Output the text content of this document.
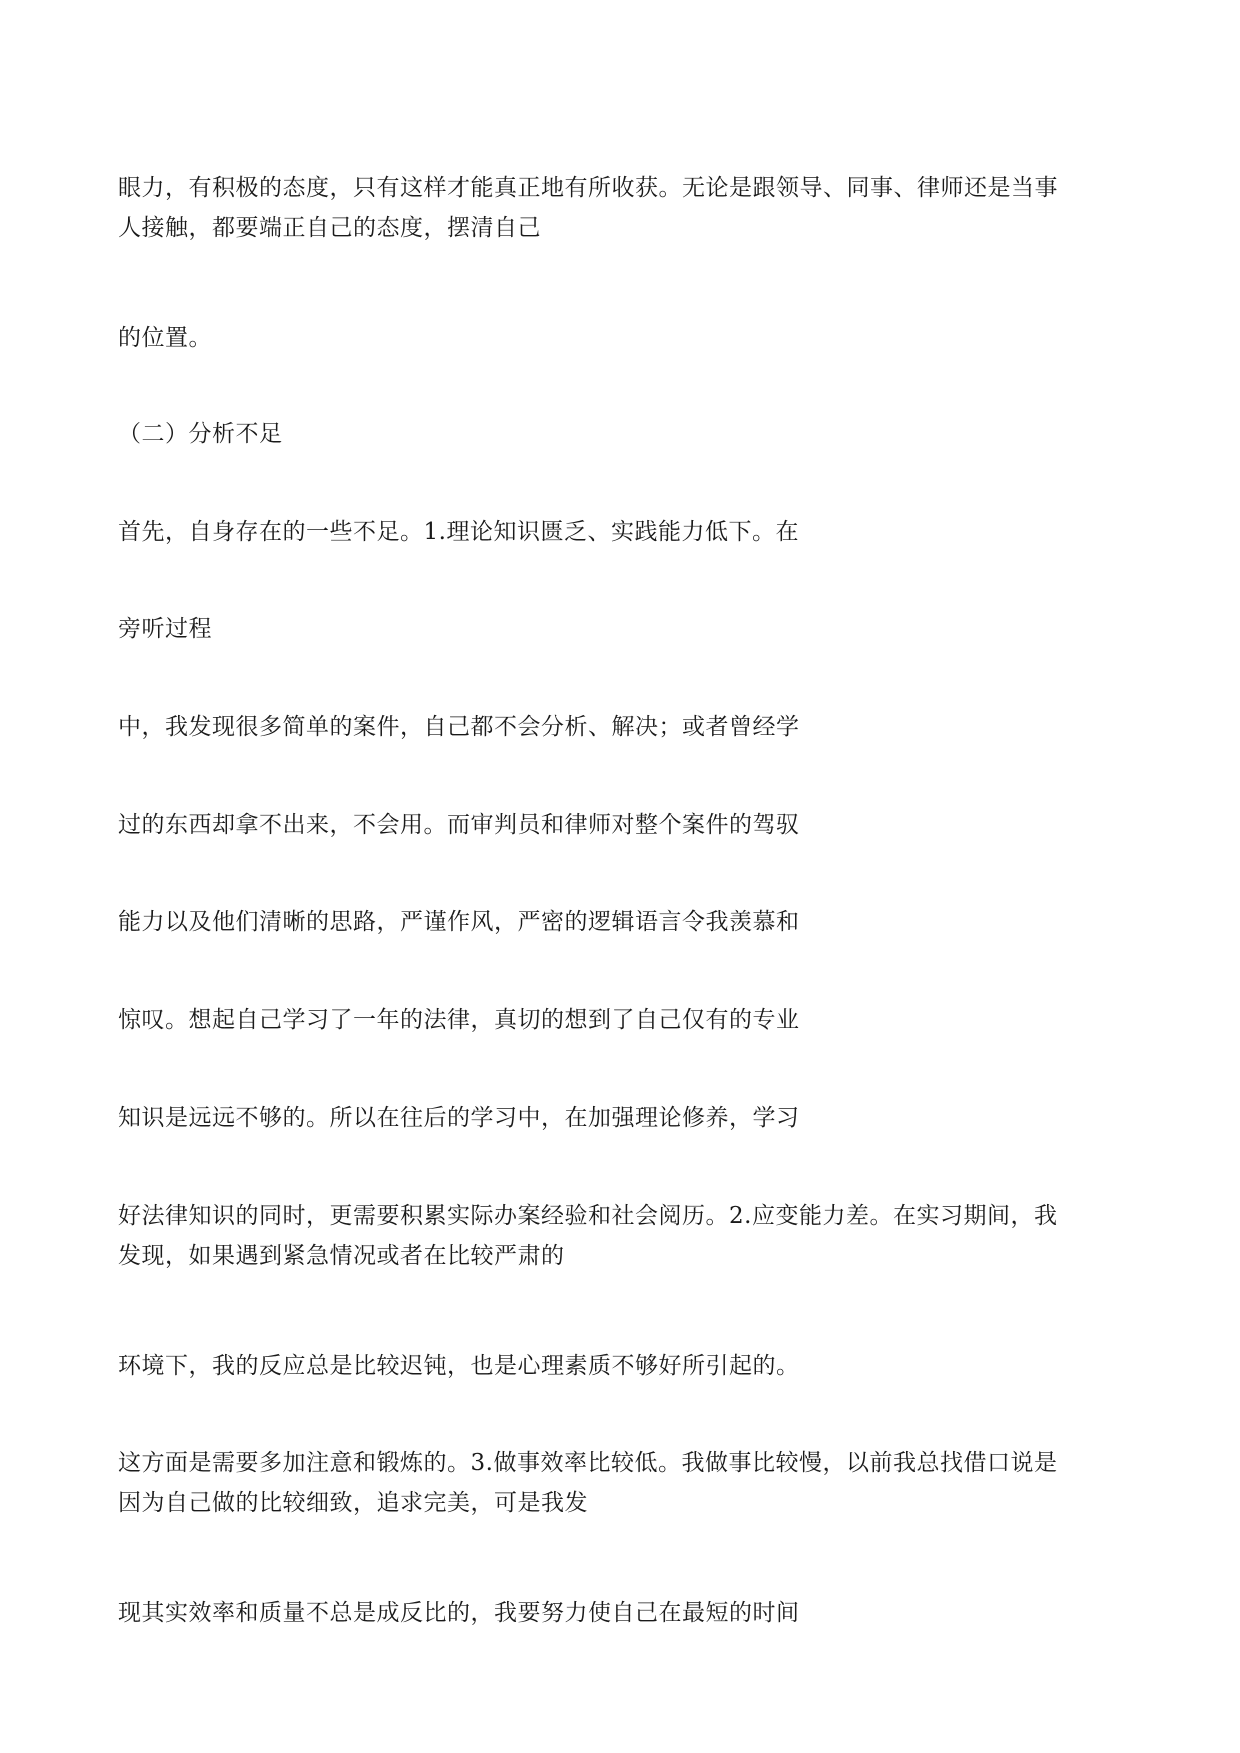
眼力，有积极的态度，只有这样才能真正地有所收获。无论是跟领导、同事、律师还是当事
人接触，都要端正自己的态度，摆清自己

的位置。

（二）分析不足

首先，自身存在的一些不足。1.理论知识匮乏、实践能力低下。在

旁听过程

中，我发现很多简单的案件，自己都不会分析、解决；或者曾经学

过的东西却拿不出来，不会用。而审判员和律师对整个案件的驾驭

能力以及他们清晰的思路，严谨作风，严密的逻辑语言令我羡慕和

惊叹。想起自己学习了一年的法律，真切的想到了自己仅有的专业

知识是远远不够的。所以在往后的学习中，在加强理论修养，学习

好法律知识的同时，更需要积累实际办案经验和社会阅历。2.应变能力差。在实习期间，我
发现，如果遇到紧急情况或者在比较严肃的

环境下，我的反应总是比较迟钝，也是心理素质不够好所引起的。

这方面是需要多加注意和锻炼的。3.做事效率比较低。我做事比较慢，以前我总找借口说是
因为自己做的比较细致，追求完美，可是我发

现其实效率和质量不总是成反比的，我要努力使自己在最短的时间
